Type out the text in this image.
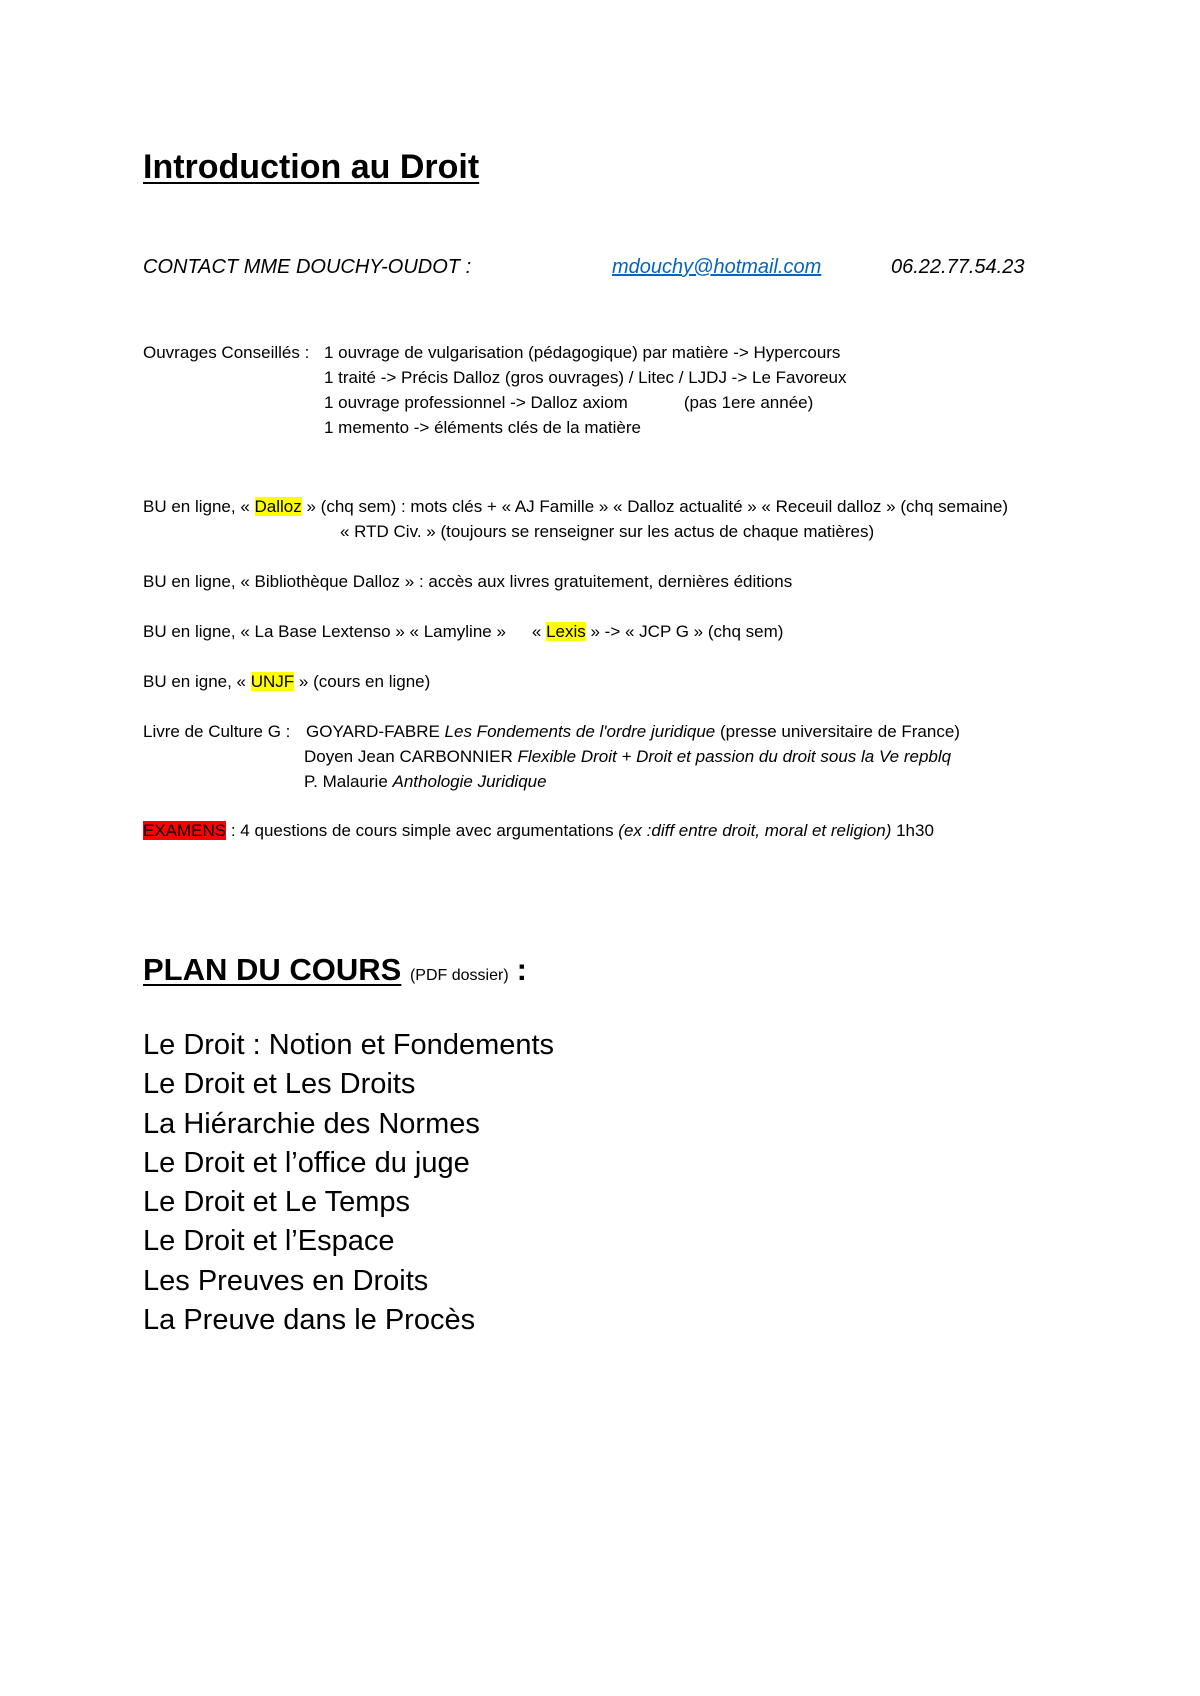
Introduction au Droit
CONTACT MME DOUCHY-OUDOT :	mdouchy@hotmail.com	06.22.77.54.23
Ouvrages Conseillés : 1 ouvrage de vulgarisation (pédagogique) par matière -> Hypercours
1 traité -> Précis Dalloz (gros ouvrages) / Litec / LJDJ -> Le Favoreux
1 ouvrage professionnel -> Dalloz axiom	(pas 1ere année)
1 memento -> éléments clés de la matière
BU en ligne, « Dalloz » (chq sem) : mots clés + « AJ Famille » « Dalloz actualité » « Receuil dalloz » (chq semaine)
« RTD Civ. » (toujours se renseigner sur les actus de chaque matières)
BU en ligne, « Bibliothèque Dalloz » : accès aux livres gratuitement, dernières éditions
BU en ligne, « La Base Lextenso » « Lamyline » « Lexis » -> « JCP G » (chq sem)
BU en igne, « UNJF » (cours en ligne)
Livre de Culture G : GOYARD-FABRE Les Fondements de l'ordre juridique (presse universitaire de France)
Doyen Jean CARBONNIER Flexible Droit + Droit et passion du droit sous la Ve repblq
P. Malaurie Anthologie Juridique
EXAMENS : 4 questions de cours simple avec argumentations (ex :diff entre droit, moral et religion) 1h30
PLAN DU COURS (PDF dossier) :
Le Droit : Notion et Fondements
Le Droit et Les Droits
La Hiérarchie des Normes
Le Droit et l’office du juge
Le Droit et Le Temps
Le Droit et l’Espace
Les Preuves en Droits
La Preuve dans le Procès
